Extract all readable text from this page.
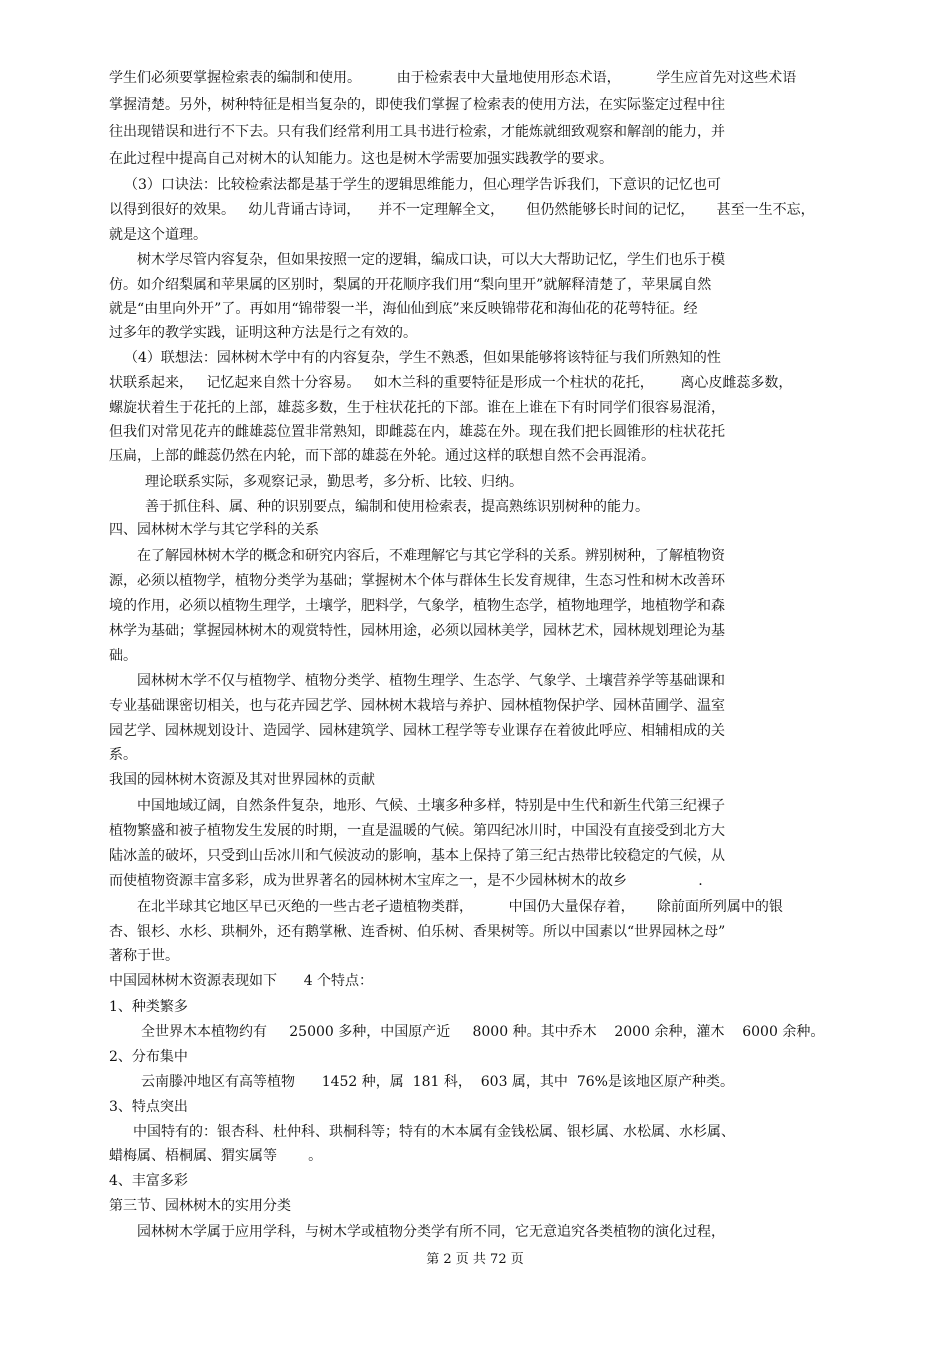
学生们必须要掌握检索表的编制和使用。        由于检索表中大量地使用形态术语，        学生应首先对这些术语

掌握清楚。另外，树种特征是相当复杂的，即使我们掌握了检索表的使用方法，在实际鉴定过程中往

往出现错误和进行不下去。只有我们经常利用工具书进行检索，才能炼就细致观察和解剖的能力，并

在此过程中提高自己对树木的认知能力。这也是树木学需要加强实践教学的要求。

（3）口诀法：比较检索法都是基于学生的逻辑思维能力，但心理学告诉我们，下意识的记忆也可

以得到很好的效果。   幼儿背诵古诗词，    并不一定理解全文，     但仍然能够长时间的记忆，     甚至一生不忘，

就是这个道理。

树木学尽管内容复杂，但如果按照一定的逻辑，编成口诀，可以大大帮助记忆，学生们也乐于模

仿。如介绍梨属和苹果属的区别时，梨属的开花顺序我们用“梨向里开”就解释清楚了，苹果属自然

就是“由里向外开”了。再如用“锦带裂一半，海仙仙到底”来反映锦带花和海仙花的花萼特征。经

过多年的教学实践，证明这种方法是行之有效的。

（4）联想法：园林树木学中有的内容复杂，学生不熟悉，但如果能够将该特征与我们所熟知的性

状联系起来，   记忆起来自然十分容易。   如木兰科的重要特征是形成一个柱状的花托，      离心皮雌蕊多数，

螺旋状着生于花托的上部，雄蕊多数，生于柱状花托的下部。谁在上谁在下有时同学们很容易混淆，

但我们对常见花卉的雌雄蕊位置非常熟知，即雌蕊在内，雄蕊在外。现在我们把长圆锥形的柱状花托

压扁，上部的雌蕊仍然在内轮，而下部的雄蕊在外轮。通过这样的联想自然不会再混淆。

理论联系实际，多观察记录，勤思考，多分析、比较、归纳。

善于抓住科、属、种的识别要点，编制和使用检索表，提高熟练识别树种的能力。

四、园林树木学与其它学科的关系

在了解园林树木学的概念和研究内容后，不难理解它与其它学科的关系。辨别树种，了解植物资

源，必须以植物学，植物分类学为基础；掌握树木个体与群体生长发育规律，生态习性和树木改善环

境的作用，必须以植物生理学，土壤学，肥料学，气象学，植物生态学，植物地理学，地植物学和森

林学为基础；掌握园林树木的观赏特性，园林用途，必须以园林美学，园林艺术，园林规划理论为基

础。

园林树木学不仅与植物学、植物分类学、植物生理学、生态学、气象学、土壤营养学等基础课和

专业基础课密切相关，也与花卉园艺学、园林树木栽培与养护、园林植物保护学、园林苗圃学、温室

园艺学、园林规划设计、造园学、园林建筑学、园林工程学等专业课存在着彼此呼应、相辅相成的关

系。

我国的园林树木资源及其对世界园林的贡献

中国地域辽阔，自然条件复杂，地形、气候、土壤多种多样，特别是中生代和新生代第三纪裸子

植物繁盛和被子植物发生发展的时期，一直是温暖的气候。第四纪冰川时，中国没有直接受到北方大

陆冰盖的破坏，只受到山岳冰川和气候波动的影响，基本上保持了第三纪古热带比较稳定的气候，从

而使植物资源丰富多彩，成为世界著名的园林树木宝库之一，是不少园林树木的故乡                .

在北半球其它地区早已灭绝的一些古老孑遗植物类群，        中国仍大量保存着，     除前面所列属中的银

杏、银杉、水杉、珙桐外，还有鹅掌楸、连香树、伯乐树、香果树等。所以中国素以“世界园林之母”

著称于世。

中国园林树木资源表现如下      4 个特点：

1、种类繁多

全世界木本植物约有     25000 多种，中国原产近     8000 种。其中乔木    2000 余种，灌木    6000 余种。

2、分布集中

云南滕冲地区有高等植物      1452 种，属  181 科，  603 属，其中  76%是该地区原产种类。

3、特点突出

中国特有的：银杏科、杜仲科、珙桐科等；特有的木本属有金钱松属、银杉属、水松属、水杉属、

蜡梅属、梧桐属、猬实属等       。

4、丰富多彩

第三节、园林树木的实用分类

园林树木学属于应用学科，与树木学或植物分类学有所不同，它无意追究各类植物的演化过程，

第 2 页 共 72 页
